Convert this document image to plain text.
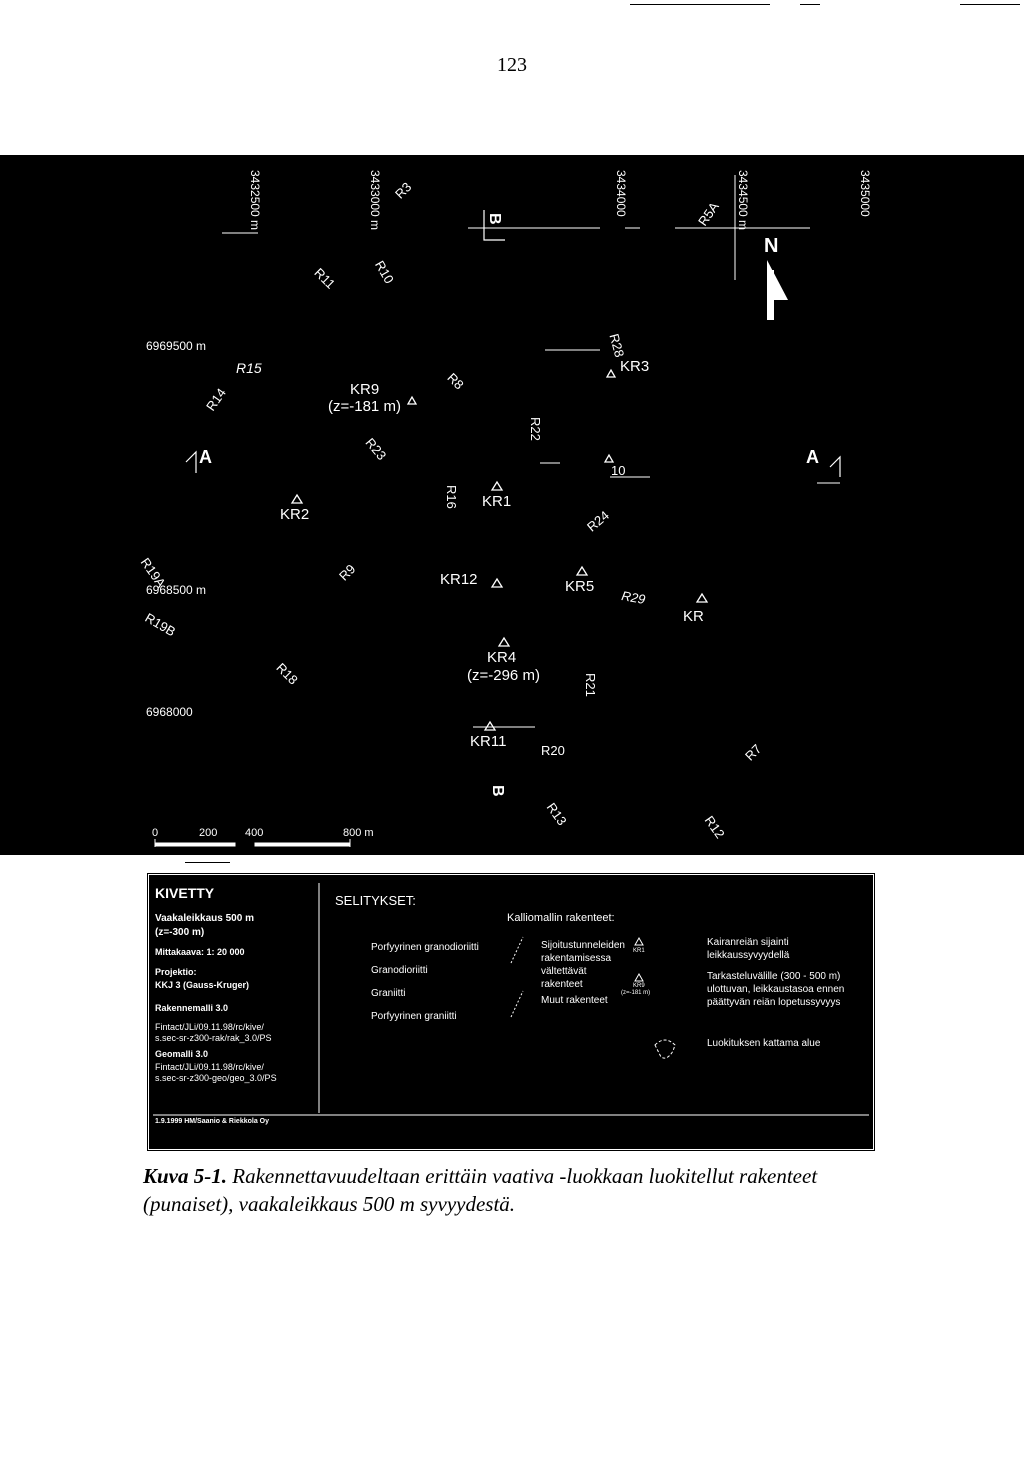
123
3432500 m	3433000 m	3434000	3434500 m	3435000
6969500 m
6968500 m
6968000
A	A
B
B
N
KR9
(z=-181 m)
KR3
KR2
KR1
KR12	KR5
KR
KR4
(z=-296 m)
KR11
10
R3
R10
R11
R15
R14
R8
R23
R22
R28
R16
R24
R19A
R19B
R9
R29
R18	R21
R20
R13	R12
R7
R5A
0	200	400	800 m
KIVETTY
Vaakaleikkaus 500 m
(z=-300 m)
Mittakaava: 1: 20 000
Projektio:
KKJ 3 (Gauss-Kruger)
Rakennemalli 3.0
Fintact/JLi/09.11.98/rc/kive/
s.sec-sr-z300-rak/rak_3.0/PS
Geomalli 3.0
Fintact/JLi/09.11.98/rc/kive/
s.sec-sr-z300-geo/geo_3.0/PS
1.9.1999 HM/Saanio & Riekkola Oy
SELITYKSET:
Porfyyrinen granodioriitti
Granodioriitti
Graniitti
Porfyyrinen graniitti
Kalliomallin rakenteet:
Sijoitustunneleiden
rakentamisessa
vältettävät
rakenteet
Muut rakenteet
KR1
Kairanreiän sijainti
leikkaussyvyydellä
KR9
(z=-181 m)
Tarkasteluvälille (300 - 500 m)
ulottuvan, leikkaustasoa ennen
päättyvän reiän lopetussyvyys
Luokituksen kattama alue
Kuva 5-1. Rakennettavuudeltaan erittäin vaativa -luokkaan luokitellut rakenteet (punaiset), vaakaleikkaus 500 m syvyydestä.
